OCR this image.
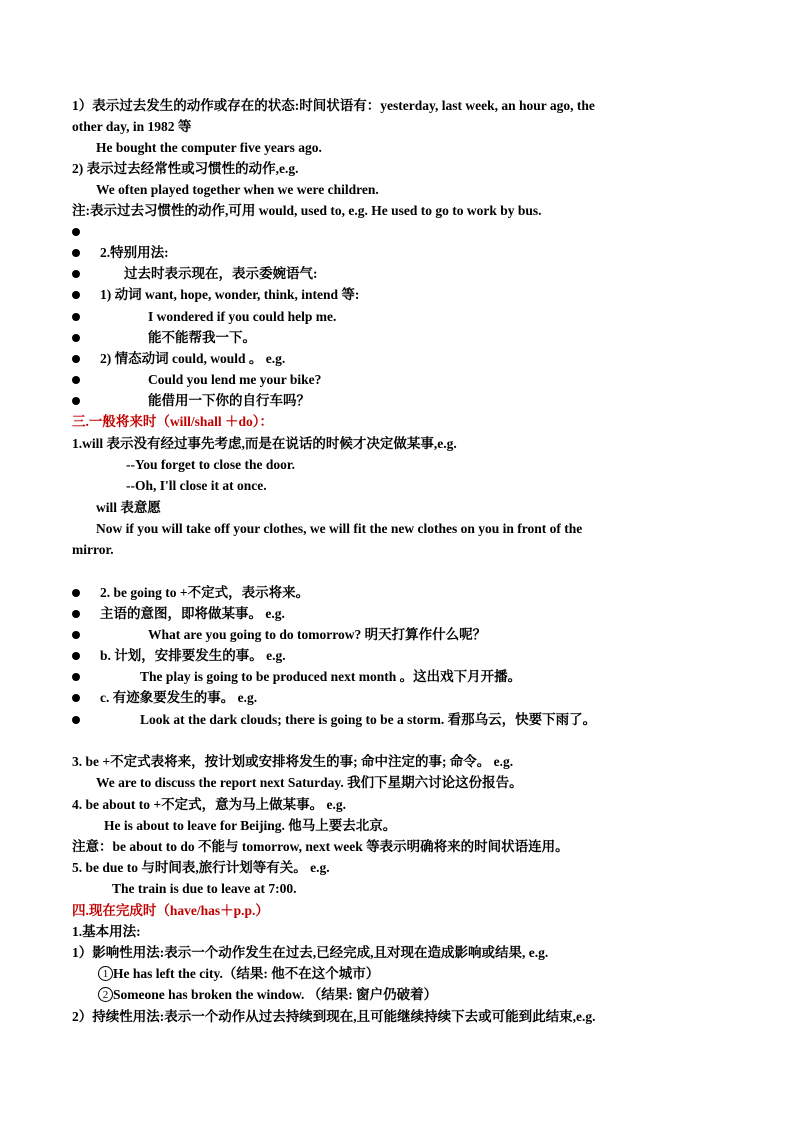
1）表示过去发生的动作或存在的状态:时间状语有：yesterday, last week, an hour ago, the
other day, in 1982 等
He bought the computer five years ago.
2) 表示过去经常性或习惯性的动作,e.g.
We often played together when we were children.
注:表示过去习惯性的动作,可用 would, used to, e.g. He used to go to work by bus.
2.特别用法:
过去时表示现在，表示委婉语气:
1) 动词 want, hope, wonder, think, intend 等:
I wondered if you could help me.
能不能帮我一下。
2) 情态动词 could, would 。 e.g.
Could you lend me your bike?
能借用一下你的自行车吗？
三.一般将来时（will/shall ＋do）：
1.will 表示没有经过事先考虑,而是在说话的时候才决定做某事,e.g.
--You forget to close the door.
--Oh, I'll close it at once.
will 表意愿
Now if you will take off your clothes, we will fit the new clothes on you in front of the
mirror.
2. be going to +不定式，表示将来。
主语的意图，即将做某事。 e.g.
What are you going to do tomorrow? 明天打算作什么呢？
b. 计划，安排要发生的事。 e.g.
The play is going to be produced next month 。这出戏下月开播。
c. 有迹象要发生的事。 e.g.
Look at the dark clouds; there is going to be a storm. 看那乌云，快要下雨了。
3. be +不定式表将来，按计划或安排将发生的事; 命中注定的事; 命令。 e.g.
We are to discuss the report next Saturday. 我们下星期六讨论这份报告。
4. be about to +不定式，意为马上做某事。 e.g.
He is about to leave for Beijing. 他马上要去北京。
注意：be about to do 不能与 tomorrow, next week 等表示明确将来的时间状语连用。
5. be due to 与时间表,旅行计划等有关。 e.g.
The train is due to leave at 7:00.
四.现在完成时（have/has＋p.p.）
1.基本用法:
1）影响性用法:表示一个动作发生在过去,已经完成,且对现在造成影响或结果, e.g.
1 He has left the city.（结果: 他不在这个城市）
2 Someone has broken the window. （结果: 窗户仍破着）
2）持续性用法:表示一个动作从过去持续到现在,且可能继续持续下去或可能到此结束,e.g.
